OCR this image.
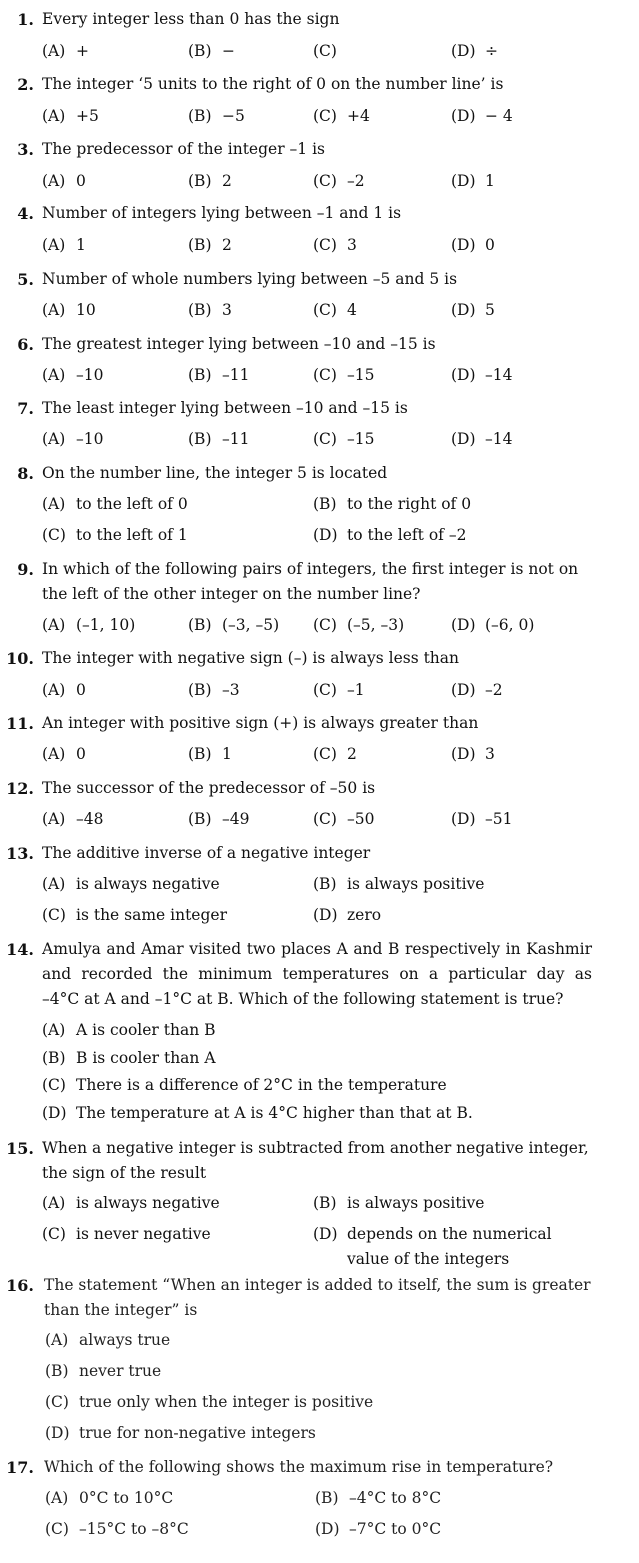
1. Every integer less than 0 has the sign
(A) +	(B) −	(C)	(D) ÷
2. The integer ‘5 units to the right of 0 on the number line’ is
(A) +5	(B) −5	(C) +4	(D) − 4
3. The predecessor of the integer –1 is
(A) 0	(B) 2	(C) –2	(D) 1
4. Number of integers lying between –1 and 1 is
(A) 1	(B) 2	(C) 3	(D) 0
5. Number of whole numbers lying between –5 and 5 is
(A) 10	(B) 3	(C) 4	(D) 5
6. The greatest integer lying between –10 and –15 is
(A) –10	(B) –11	(C) –15	(D) –14
7. The least integer lying between –10 and –15 is
(A) –10	(B) –11	(C) –15	(D) –14
8. On the number line, the integer 5 is located
(A) to the left of 0	(B) to the right of 0
(C) to the left of 1	(D) to the left of –2
9. In which of the following pairs of integers, the first integer is not on
the left of the other integer on the number line?
(A) (–1, 10)	(B) (–3, –5) (C) (–5, –3)	(D) (–6, 0)
10. The integer with negative sign (–) is always less than
(A) 0	(B) –3	(C) –1	(D) –2
11. An integer with positive sign (+) is always greater than
(A) 0	(B) 1	(C) 2	(D) 3
12. The successor of the predecessor of –50 is
(A) –48	(B) –49	(C) –50	(D) –51
13. The additive inverse of a negative integer
(A) is always negative	(B) is always positive
(C) is the same integer	(D) zero
14. Amulya and Amar visited two places A and B respectively in Kashmir
and recorded the minimum temperatures on a particular day as
–4°C at A and –1°C at B. Which of the following statement is true?
(A) A is cooler than B
(B) B is cooler than A
(C) There is a difference of 2°C in the temperature
(D) The temperature at A is 4°C higher than that at B.
15. When a negative integer is subtracted from another negative integer,
the sign of the result
(A) is always negative	(B) is always positive
(C) is never negative	(D) depends on the numerical
value of the integers
16. The statement “When an integer is added to itself, the sum is greater
than the integer” is
(A) always true
(B) never true
(C) true only when the integer is positive
(D) true for non-negative integers
17. Which of the following shows the maximum rise in temperature?
(A) 0°C to 10°C	(B) –4°C to 8°C
(C) –15°C to –8°C	(D) –7°C to 0°C
